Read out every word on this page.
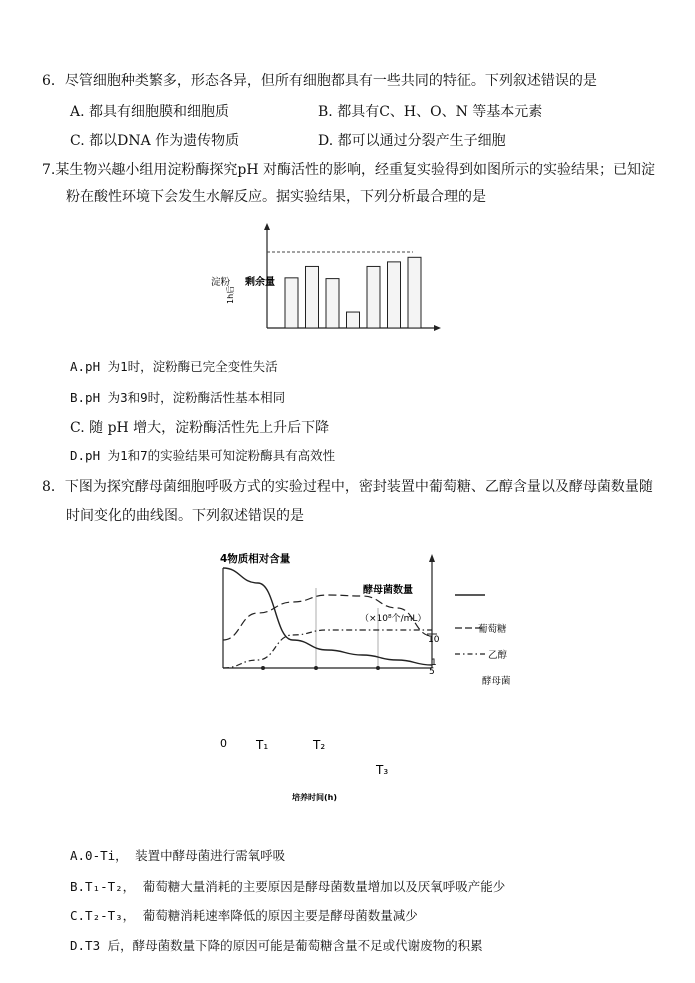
6．尽管细胞种类繁多，形态各异，但所有细胞都具有一些共同的特征。下列叙述错误的是
A. 都具有细胞膜和细胞质	B. 都具有C、H、O、N 等基本元素
C. 都以DNA 作为遗传物质	D. 都可以通过分裂产生子细胞
7.某生物兴趣小组用淀粉酶探究pH 对酶活性的影响，经重复实验得到如图所示的实验结果；已知淀
粉在酸性环境下会发生水解反应。据实验结果，下列分析最合理的是
淀粉 剩余量
1h后
A.pH 为1时，淀粉酶已完全变性失活
B.pH 为3和9时，淀粉酶活性基本相同
C. 随 pH 增大，淀粉酶活性先上升后下降
D.pH 为1和7的实验结果可知淀粉酶具有高效性
8．下图为探究酵母菌细胞呼吸方式的实验过程中，密封装置中葡萄糖、乙醇含量以及酵母菌数量随
时间变化的曲线图。下列叙述错误的是
4物质相对含量
酵母菌数量
（×10⁸个/mL）
10
1
5
葡萄糖
乙醇
酵母菌
0 T₁	T₂
T₃
培养时间(h)
A.0-Ti， 装置中酵母菌进行需氧呼吸
B.T₁-T₂， 葡萄糖大量消耗的主要原因是酵母菌数量增加以及厌氧呼吸产能少
C.T₂-T₃， 葡萄糖消耗速率降低的原因主要是酵母菌数量减少
D.T3 后，酵母菌数量下降的原因可能是葡萄糖含量不足或代谢废物的积累
